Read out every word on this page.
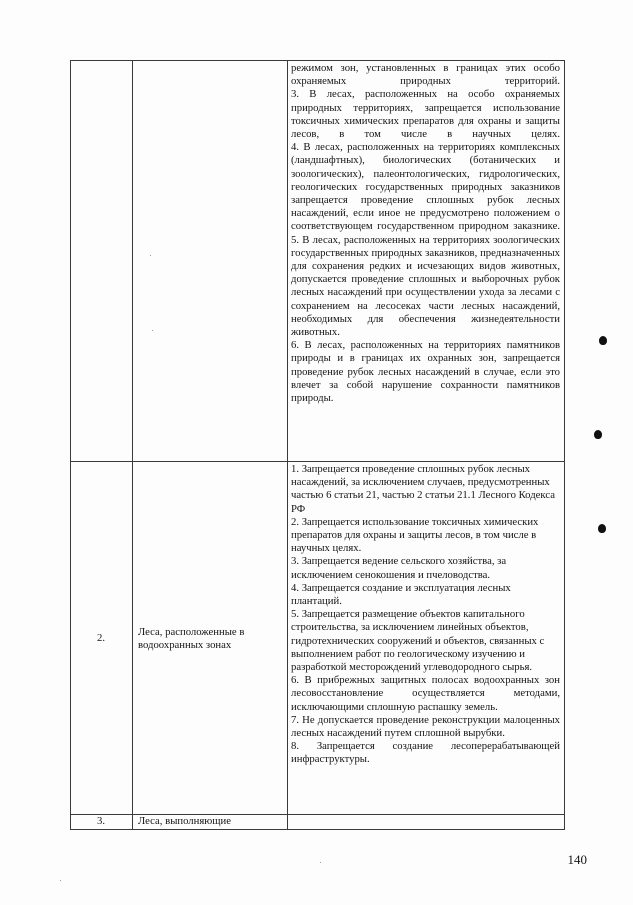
режимом зон, установленных в границах этих особо охраняемых природных территорий.
3. В лесах, расположенных на особо охраняемых природных территориях, запрещается использование токсичных химических препаратов для охраны и защиты лесов, в том числе в научных целях.
4. В лесах, расположенных на территориях комплексных (ландшафтных), биологических (ботанических и зоологических), палеонтологических, гидрологических, геологических государственных природных заказников запрещается проведение сплошных рубок лесных насаждений, если иное не предусмотрено положением о соответствующем государственном природном заказнике.
5. В лесах, расположенных на территориях зоологических государственных природных заказников, предназначенных для сохранения редких и исчезающих видов животных, допускается проведение сплошных и выборочных рубок лесных насаждений при осуществлении ухода за лесами с сохранением на лесосеках части лесных насаждений, необходимых для обеспечения жизнедеятельности животных.
6. В лесах, расположенных на территориях памятников природы и в границах их охранных зон, запрещается проведение рубок лесных насаждений в случае, если это влечет за собой нарушение сохранности памятников природы.
2.	Леса, расположенные в водоохранных зонах
1. Запрещается проведение сплошных рубок лесных насаждений, за исключением случаев, предусмотренных частью 6 статьи 21, частью 2 статьи 21.1 Лесного Кодекса РФ
2. Запрещается использование токсичных химических препаратов для охраны и защиты лесов, в том числе в научных целях.
3. Запрещается ведение сельского хозяйства, за исключением сенокошения и пчеловодства.
4. Запрещается создание и эксплуатация лесных плантаций.
5. Запрещается размещение объектов капитального строительства, за исключением линейных объектов, гидротехнических сооружений и объектов, связанных с выполнением работ по геологическому изучению и разработкой месторождений углеводородного сырья.
6. В прибрежных защитных полосах водоохранных зон лесовосстановление осуществляется методами, исключающими сплошную распашку земель.
7. Не допускается проведение реконструкции малоценных лесных насаждений путем сплошной вырубки.
8. Запрещается создание лесоперерабатывающей инфраструктуры.
3.	Леса, выполняющие
140
